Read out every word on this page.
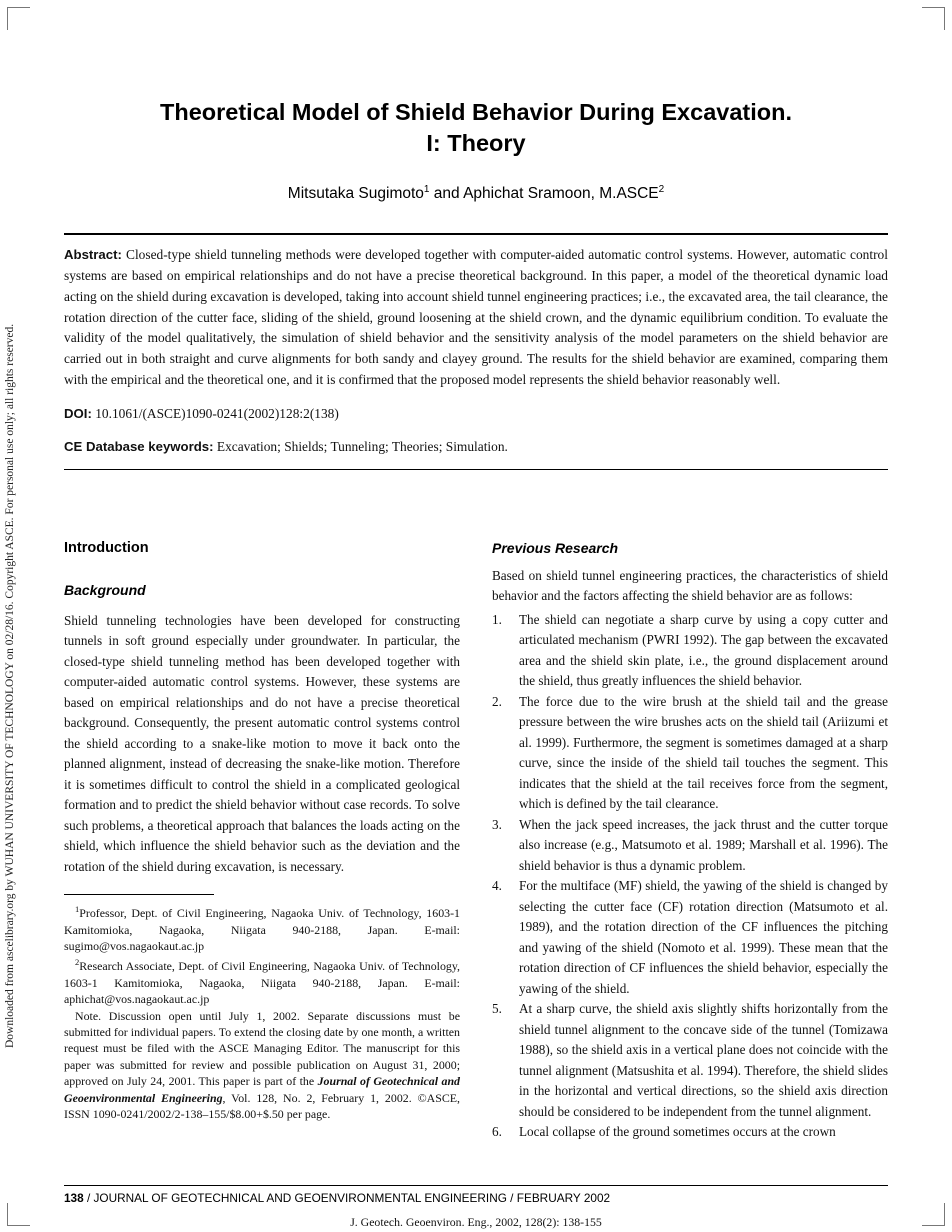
Downloaded from ascelibrary.org by WUHAN UNIVERSITY OF TECHNOLOGY on 02/28/16. Copyright ASCE. For personal use only; all rights reserved.
Theoretical Model of Shield Behavior During Excavation.
I: Theory
Mitsutaka Sugimoto$^1$ and Aphichat Sramoon, M.ASCE$^2$

Abstract: Closed-type shield tunneling methods were developed together with computer-aided automatic control systems. However, automatic control systems are based on empirical relationships and do not have a precise theoretical background. In this paper, a model of the theoretical dynamic load acting on the shield during excavation is developed, taking into account shield tunnel engineering practices; i.e., the excavated area, the tail clearance, the rotation direction of the cutter face, sliding of the shield, ground loosening at the shield crown, and the dynamic equilibrium condition. To evaluate the validity of the model qualitatively, the simulation of shield behavior and the sensitivity analysis of the model parameters on the shield behavior are carried out in both straight and curve alignments for both sandy and clayey ground. The results for the shield behavior are examined, comparing them with the empirical and the theoretical one, and it is confirmed that the proposed model represents the shield behavior reasonably well.

DOI: 10.1061/(ASCE)1090-0241(2002)128:2(138)

CE Database keywords: Excavation; Shields; Tunneling; Theories; Simulation.

Introduction
Background

Shield tunneling technologies have been developed for constructing tunnels in soft ground especially under groundwater. In particular, the closed-type shield tunneling method has been developed together with computer-aided automatic control systems. However, these systems are based on empirical relationships and do not have a precise theoretical background. Consequently, the present automatic control systems control the shield according to a snake-like motion to move it back onto the planned alignment, instead of decreasing the snake-like motion. Therefore it is sometimes difficult to control the shield in a complicated geological formation and to predict the shield behavior without case records. To solve such problems, a theoretical approach that balances the loads acting on the shield, which influence the shield behavior such as the deviation and the rotation of the shield during excavation, is necessary.

$^1$Professor, Dept. of Civil Engineering, Nagaoka Univ. of Technology, 1603-1 Kamitomioka, Nagaoka, Niigata 940-2188, Japan. E-mail: sugimo@vos.nagaokaut.ac.jp

$^2$Research Associate, Dept. of Civil Engineering, Nagaoka Univ. of Technology, 1603-1 Kamitomioka, Nagaoka, Niigata 940-2188, Japan. E-mail: aphichat@vos.nagaokaut.ac.jp

Note. Discussion open until July 1, 2002. Separate discussions must be submitted for individual papers. To extend the closing date by one month, a written request must be filed with the ASCE Managing Editor. The manuscript for this paper was submitted for review and possible publication on August 31, 2000; approved on July 24, 2001. This paper is part of the Journal of Geotechnical and Geoenvironmental Engineering, Vol. 128, No. 2, February 1, 2002. ©ASCE, ISSN 1090-0241/2002/2-138–155/$8.00+$.50 per page.

Previous Research

Based on shield tunnel engineering practices, the characteristics of shield behavior and the factors affecting the shield behavior are as follows:

1.	The shield can negotiate a sharp curve by using a copy cutter and articulated mechanism (PWRI 1992). The gap between the excavated area and the shield skin plate, i.e., the ground displacement around the shield, thus greatly influences the shield behavior.
2.	The force due to the wire brush at the shield tail and the grease pressure between the wire brushes acts on the shield tail (Ariizumi et al. 1999). Furthermore, the segment is sometimes damaged at a sharp curve, since the inside of the shield tail touches the segment. This indicates that the shield at the tail receives force from the segment, which is defined by the tail clearance.
3.	When the jack speed increases, the jack thrust and the cutter torque also increase (e.g., Matsumoto et al. 1989; Marshall et al. 1996). The shield behavior is thus a dynamic problem.
4.	For the multiface (MF) shield, the yawing of the shield is changed by selecting the cutter face (CF) rotation direction (Matsumoto et al. 1989), and the rotation direction of the CF influences the pitching and yawing of the shield (Nomoto et al. 1999). These mean that the rotation direction of CF influences the shield behavior, especially the yawing of the shield.
5.	At a sharp curve, the shield axis slightly shifts horizontally from the shield tunnel alignment to the concave side of the tunnel (Tomizawa 1988), so the shield axis in a vertical plane does not coincide with the tunnel alignment (Matsushita et al. 1994). Therefore, the shield slides in the horizontal and vertical directions, so the shield axis direction should be considered to be independent from the tunnel alignment.
6.	Local collapse of the ground sometimes occurs at the crown
138 / JOURNAL OF GEOTECHNICAL AND GEOENVIRONMENTAL ENGINEERING / FEBRUARY 2002
J. Geotech. Geoenviron. Eng., 2002, 128(2): 138-155
